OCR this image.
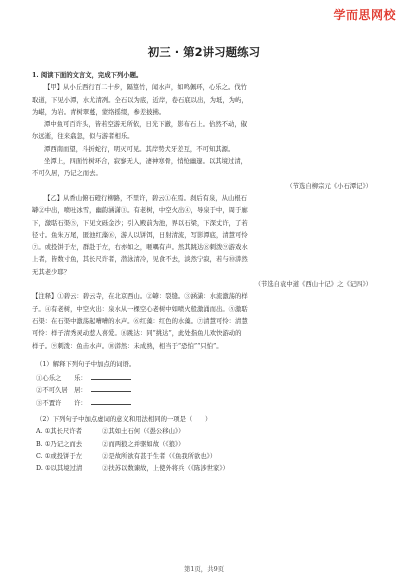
学而思网校
初三 · 第2讲习题练习
1. 阅读下面的文言文，完成下列小题。
【甲】从小丘西行百二十步，隔篁竹，闻水声，如鸣佩环，心乐之。伐竹
取道，下见小潭，水尤清冽。全石以为底，近岸，卷石底以出，为坻，为屿，
为嵁，为岩。青树翠蔓，蒙络摇缀，参差披拂。
潭中鱼可百许头，皆若空游无所依，日光下澈，影布石上。佁然不动，俶
尔远逝，往来翕忽，似与游者相乐。
潭西南而望，斗折蛇行，明灭可见。其岸势犬牙差互，不可知其源。
坐潭上，四面竹树环合，寂寥无人，凄神寒骨，悄怆幽邃。以其境过清，
不可久居，乃记之而去。
（节选自柳宗元《小石潭记》）
【乙】从香山俯石磴行柳路，不里许，碧云①在焉。刹后有泉，从山根石
罅②中出，喷吐冰雪，幽韵涵潇③。有老树，中空火出④，导泉于中，周于廊
下，激聒石渠⑤，下见文砾金沙；引入殿前为池，界以石梁，下深丈许，了若
径寸。鱼朱万尾，匿池红藻⑥，游人以饼饵，日射清流，写影潭底，清慧可怜
⑦。或投饼于左，群赴于左，右亦如之，咂喁有声。然其跳达⑧刺泼⑨游戏水
上者，皆数寸鱼，其长尺许者，潜泳清冷，见食不去，淡然宁寂，若与⑩漭然
无其老少耶？
（节选自袁中道《西山十记》之《记四》）
【注释】①碧云：碧云寺，在北京西山。②罅：裂缝。③涵潇：水流激荡的样
子。④有老树，中空火出：泉水从一棵空心老树中如喷火般激涌而出。⑤激聒
石渠：在石渠中激荡起嘈嘈的水声。⑥红藻：红色的水藻。⑦清慧可怜：清慧
可怜：样子清秀灵动惹人喜爱。⑧跳达：同“挑达”，此处指鱼儿欢快游动的
样子。⑨刺泼：鱼击水声。⑩漭然：未成熟，相当于“恐怕”“只怕”。
（1）解释下列句子中加点的词语。
①心乐之　　乐：
②不可久居　居：
③不置许　　许：
（2）下列句子中加点虚词的意义和用法相同的一项是（　　）
A. ①其长尺许者	②其如土石何（《愚公移山》）
B. ①乃记之而去	②而两狼之并驱如故（《狼》）
C. ①或投饼于左	②是故所欲有甚于生者（《鱼我所欲也》）
D. ①以其境过清	②扶苏以数谏故，上使外将兵（《陈涉世家》）
第1页，共9页
